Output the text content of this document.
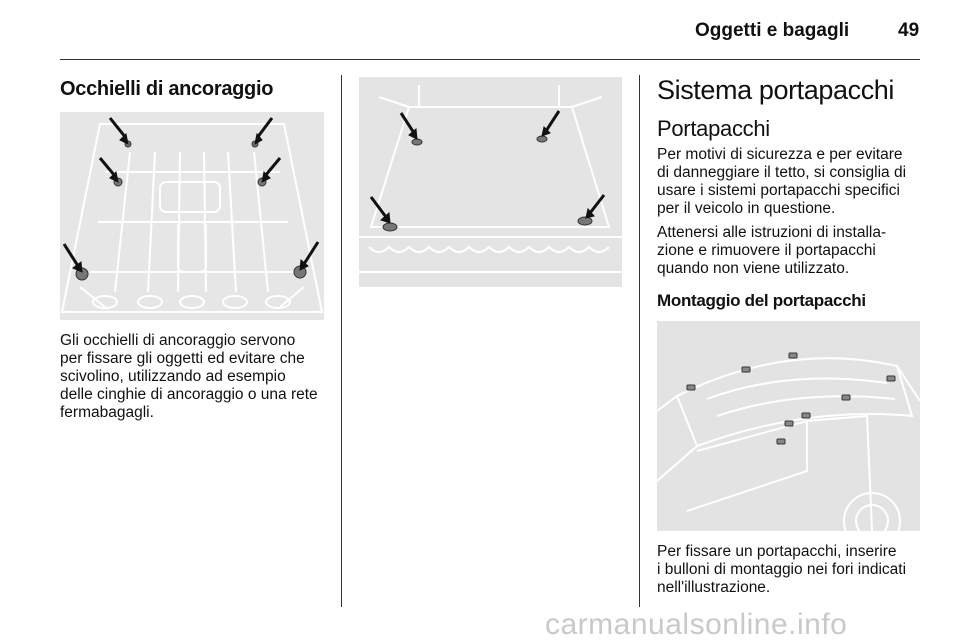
Oggetti e bagagli	49
Occhielli di ancoraggio
Gli occhielli di ancoraggio servono
per fissare gli oggetti ed evitare che
scivolino, utilizzando ad esempio
delle cinghie di ancoraggio o una rete
fermabagagli.
Sistema portapacchi
Portapacchi
Per motivi di sicurezza e per evitare
di danneggiare il tetto, si consiglia di
usare i sistemi portapacchi specifici
per il veicolo in questione.
Attenersi alle istruzioni di installa-
zione e rimuovere il portapacchi
quando non viene utilizzato.
Montaggio del portapacchi
Per fissare un portapacchi, inserire
i bulloni di montaggio nei fori indicati
nell'illustrazione.
carmanualsonline.info
